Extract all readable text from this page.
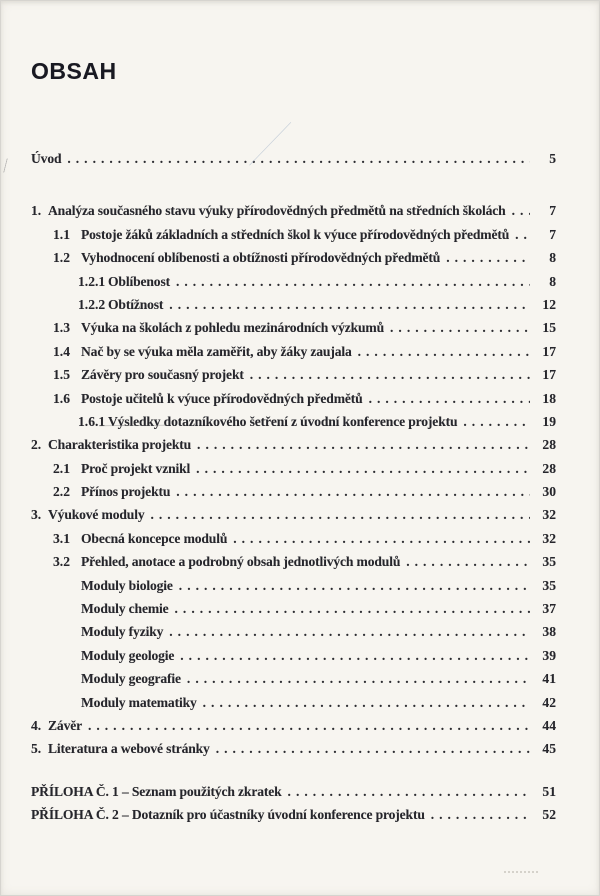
OBSAH
Úvod .....	5
1. Analýza současného stavu výuky přírodovědných předmětů na středních školách .....	7
1.1 Postoje žáků základních a středních škol k výuce přírodovědných předmětů .....	7
1.2 Vyhodnocení oblíbenosti a obtížnosti přírodovědných předmětů .....	8
1.2.1 Oblíbenost .....	8
1.2.2 Obtížnost .....	12
1.3 Výuka na školách z pohledu mezinárodních výzkumů .....	15
1.4 Nač by se výuka měla zaměřit, aby žáky zaujala .....	17
1.5 Závěry pro současný projekt .....	17
1.6 Postoje učitelů k výuce přírodovědných předmětů .....	18
1.6.1 Výsledky dotazníkového šetření z úvodní konference projektu .....	19
2. Charakteristika projektu .....	28
2.1 Proč projekt vznikl .....	28
2.2 Přínos projektu .....	30
3. Výukové moduly .....	32
3.1 Obecná koncepce modulů .....	32
3.2 Přehled, anotace a podrobný obsah jednotlivých modulů .....	35
Moduly biologie .....	35
Moduly chemie .....	37
Moduly fyziky .....	38
Moduly geologie .....	39
Moduly geografie .....	41
Moduly matematiky .....	42
4. Závěr .....	44
5. Literatura a webové stránky .....	45
PŘÍLOHA Č. 1 – Seznam použitých zkratek .....	51
PŘÍLOHA Č. 2 – Dotazník pro účastníky úvodní konference projektu .....	52
